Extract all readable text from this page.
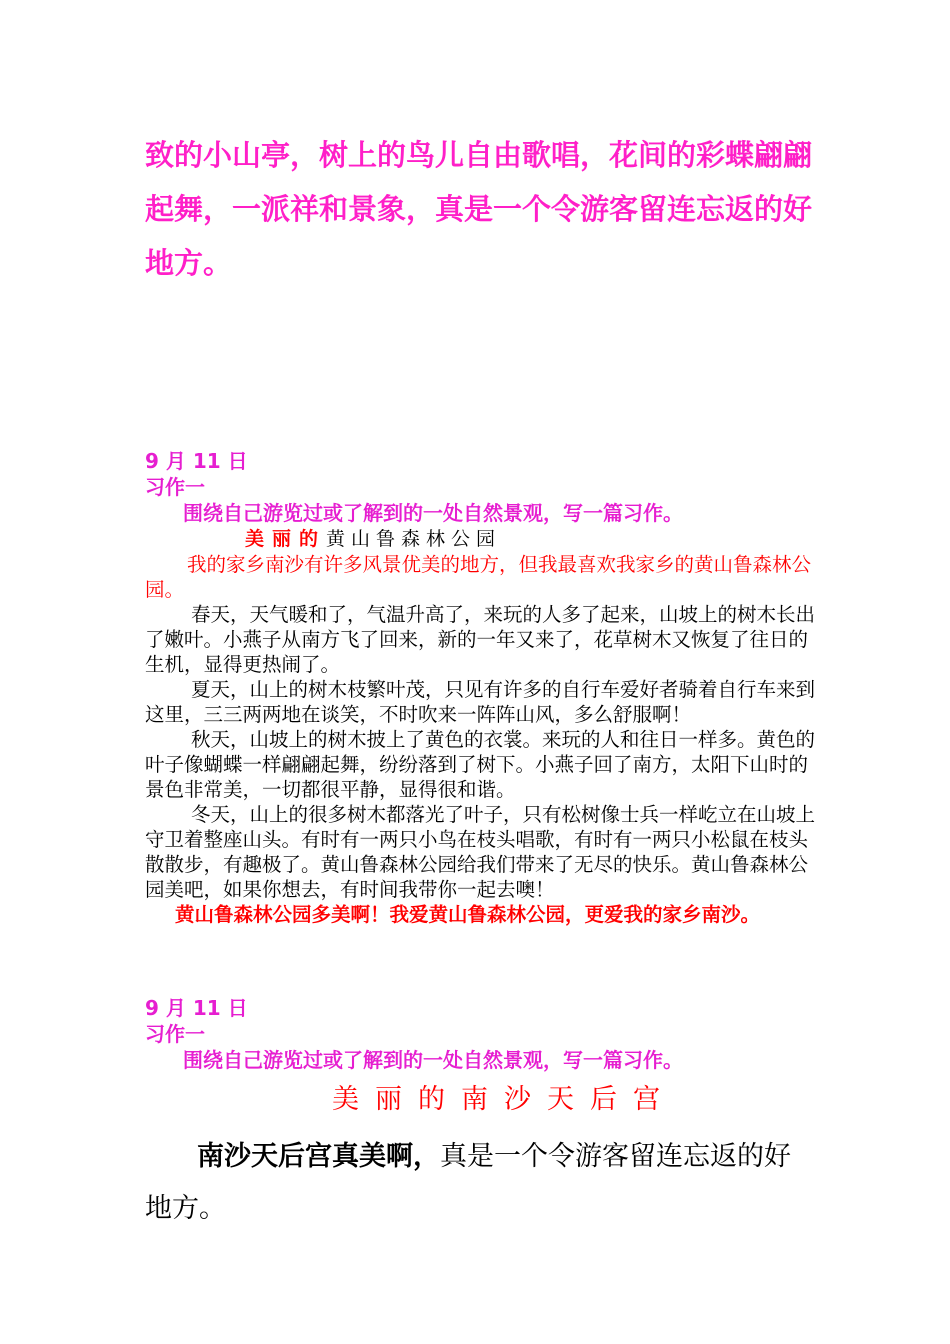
致的小山亭，树上的鸟儿自由歌唱，花间的彩蝶翩翩起舞，一派祥和景象，真是一个令游客留连忘返的好地方。

9 月 11 日
习作一
围绕自己游览过或了解到的一处自然景观，写一篇习作。
美丽的黄山鲁森林公园

我的家乡南沙有许多风景优美的地方，但我最喜欢我家乡的黄山鲁森林公园。

春天，天气暖和了，气温升高了，来玩的人多了起来，山坡上的树木长出了嫩叶。小燕子从南方飞了回来，新的一年又来了，花草树木又恢复了往日的生机，显得更热闹了。

夏天，山上的树木枝繁叶茂，只见有许多的自行车爱好者骑着自行车来到这里，三三两两地在谈笑，不时吹来一阵阵山风，多么舒服啊！

秋天，山坡上的树木披上了黄色的衣裳。来玩的人和往日一样多。黄色的叶子像蝴蝶一样翩翩起舞，纷纷落到了树下。小燕子回了南方，太阳下山时的景色非常美，一切都很平静，显得很和谐。

冬天，山上的很多树木都落光了叶子，只有松树像士兵一样屹立在山坡上守卫着整座山头。有时有一两只小鸟在枝头唱歌，有时有一两只小松鼠在枝头散散步，有趣极了。黄山鲁森林公园给我们带来了无尽的快乐。黄山鲁森林公园美吧，如果你想去，有时间我带你一起去噢！

黄山鲁森林公园多美啊！我爱黄山鲁森林公园，更爱我的家乡南沙。

9 月 11 日
习作一
围绕自己游览过或了解到的一处自然景观，写一篇习作。
美丽的南沙天后宫

南沙天后宫真美啊，真是一个令游客留连忘返的好地方。
